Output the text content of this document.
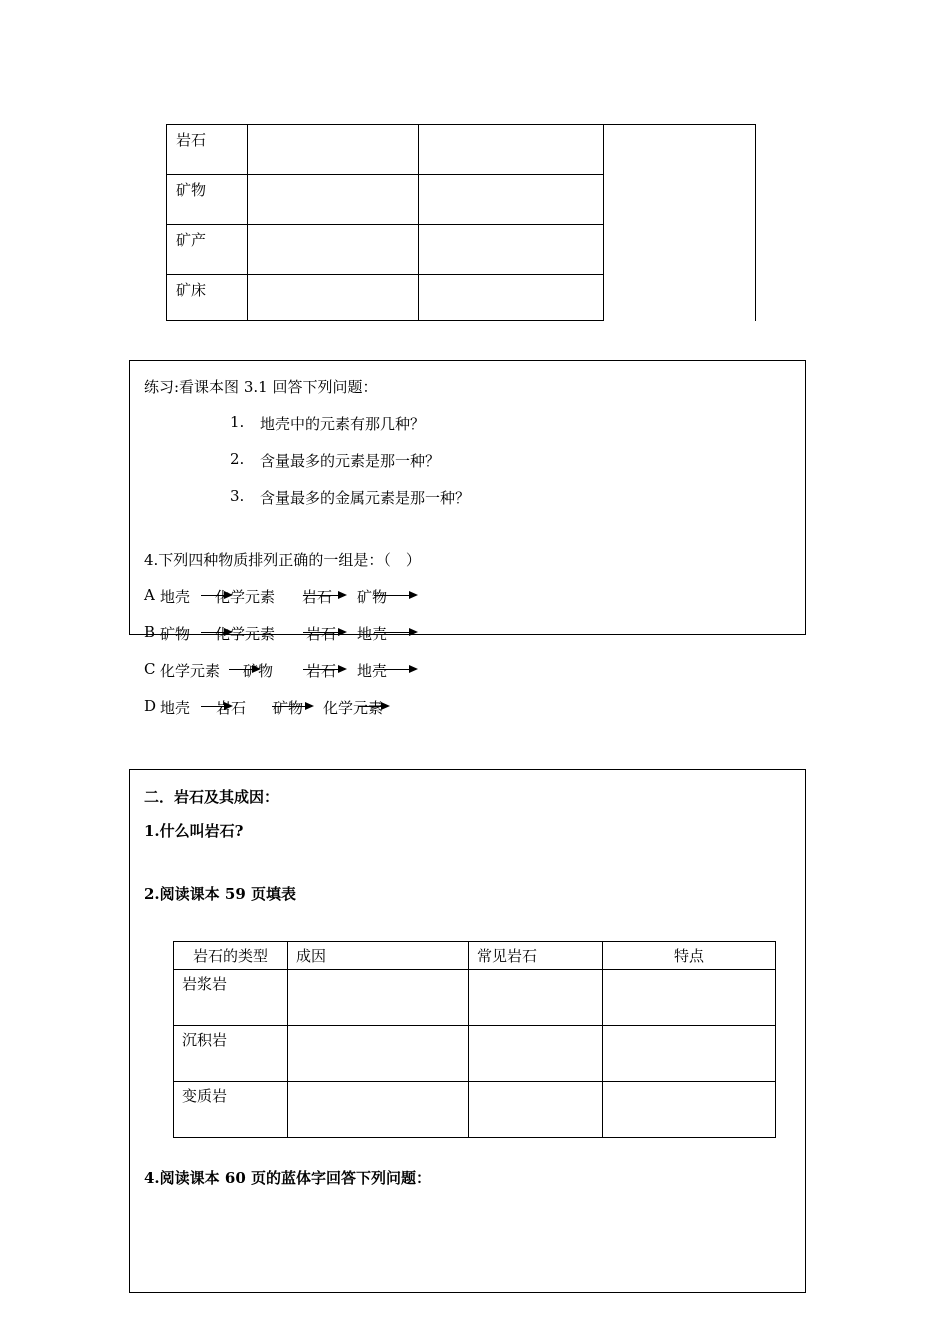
岩石			
矿物			
矿产			
矿床			
练习:看课本图 3.1 回答下列问题：
1. 地壳中的元素有那几种？
2. 含量最多的元素是那一种？
3. 含量最多的金属元素是那一种？
4.下列四种物质排列正确的一组是：（　）
A 地壳 化学元素 岩石 矿物
B 矿物 化学元素 岩石 地壳
C 化学元素 矿物 岩石 地壳
D 地壳 岩石 矿物 化学元素
二．岩石及其成因：
1.什么叫岩石?
2.阅读课本 59 页填表
岩石的类型	成因	常见岩石	特点
岩浆岩			
沉积岩			
变质岩			
4.阅读课本 60 页的蓝体字回答下列问题：
